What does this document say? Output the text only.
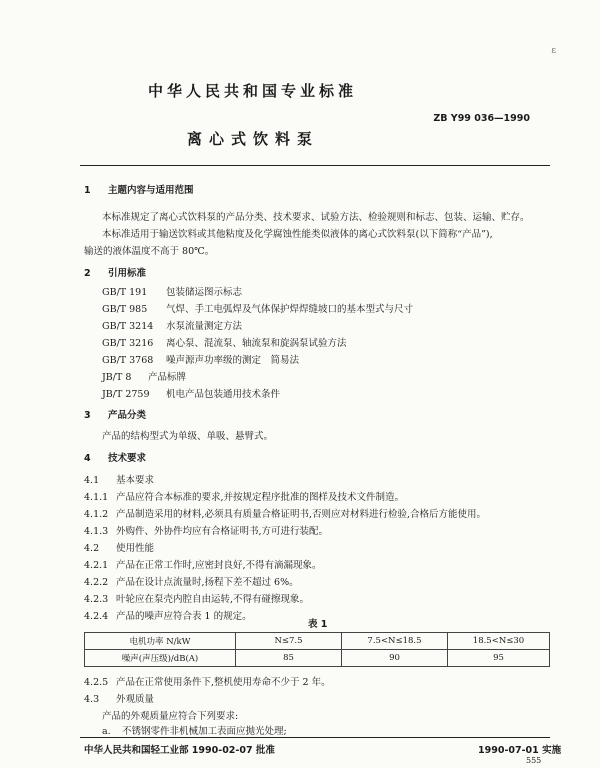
ε
中华人民共和国专业标准
ZB Y99 036—1990
离心式饮料泵
1 主题内容与适用范围
本标准规定了离心式饮料泵的产品分类、技术要求、试验方法、检验规则和标志、包装、运输、贮存。
本标准适用于输送饮料或其他粘度及化学腐蚀性能类似液体的离心式饮料泵(以下简称“产品”),
输送的液体温度不高于 80℃。
2 引用标准
GB/T 191 包装储运图示标志
GB/T 985 气焊、手工电弧焊及气体保护焊焊缝坡口的基本型式与尺寸
GB/T 3214 水泵流量测定方法
GB/T 3216 离心泵、混流泵、轴流泵和旋涡泵试验方法
GB/T 3768 噪声源声功率级的测定　简易法
JB/T 8 产品标牌
JB/T 2759 机电产品包装通用技术条件
3 产品分类
产品的结构型式为单级、单吸、悬臂式。
4 技术要求
4.1 基本要求
4.1.1 产品应符合本标准的要求,并按规定程序批准的图样及技术文件制造。
4.1.2 产品制造采用的材料,必须具有质量合格证明书,否则应对材料进行检验,合格后方能使用。
4.1.3 外购件、外协件均应有合格证明书,方可进行装配。
4.2 使用性能
4.2.1 产品在正常工作时,应密封良好,不得有滴漏现象。
4.2.2 产品在设计点流量时,扬程下差不超过 6%。
4.2.3 叶轮应在泵壳内腔自由运转,不得有碰擦现象。
4.2.4 产品的噪声应符合表 1 的规定。
表 1
电机功率 N/kW	N≤7.5	7.5<N≤18.5	18.5<N≤30
噪声(声压级)/dB(A)	85	90	95
4.2.5 产品在正常使用条件下,整机使用寿命不少于 2 年。
4.3 外观质量
产品的外观质量应符合下列要求:
a. 不锈钢零件非机械加工表面应抛光处理;
中华人民共和国轻工业部 1990-02-07 批准	1990-07-01 实施
555
